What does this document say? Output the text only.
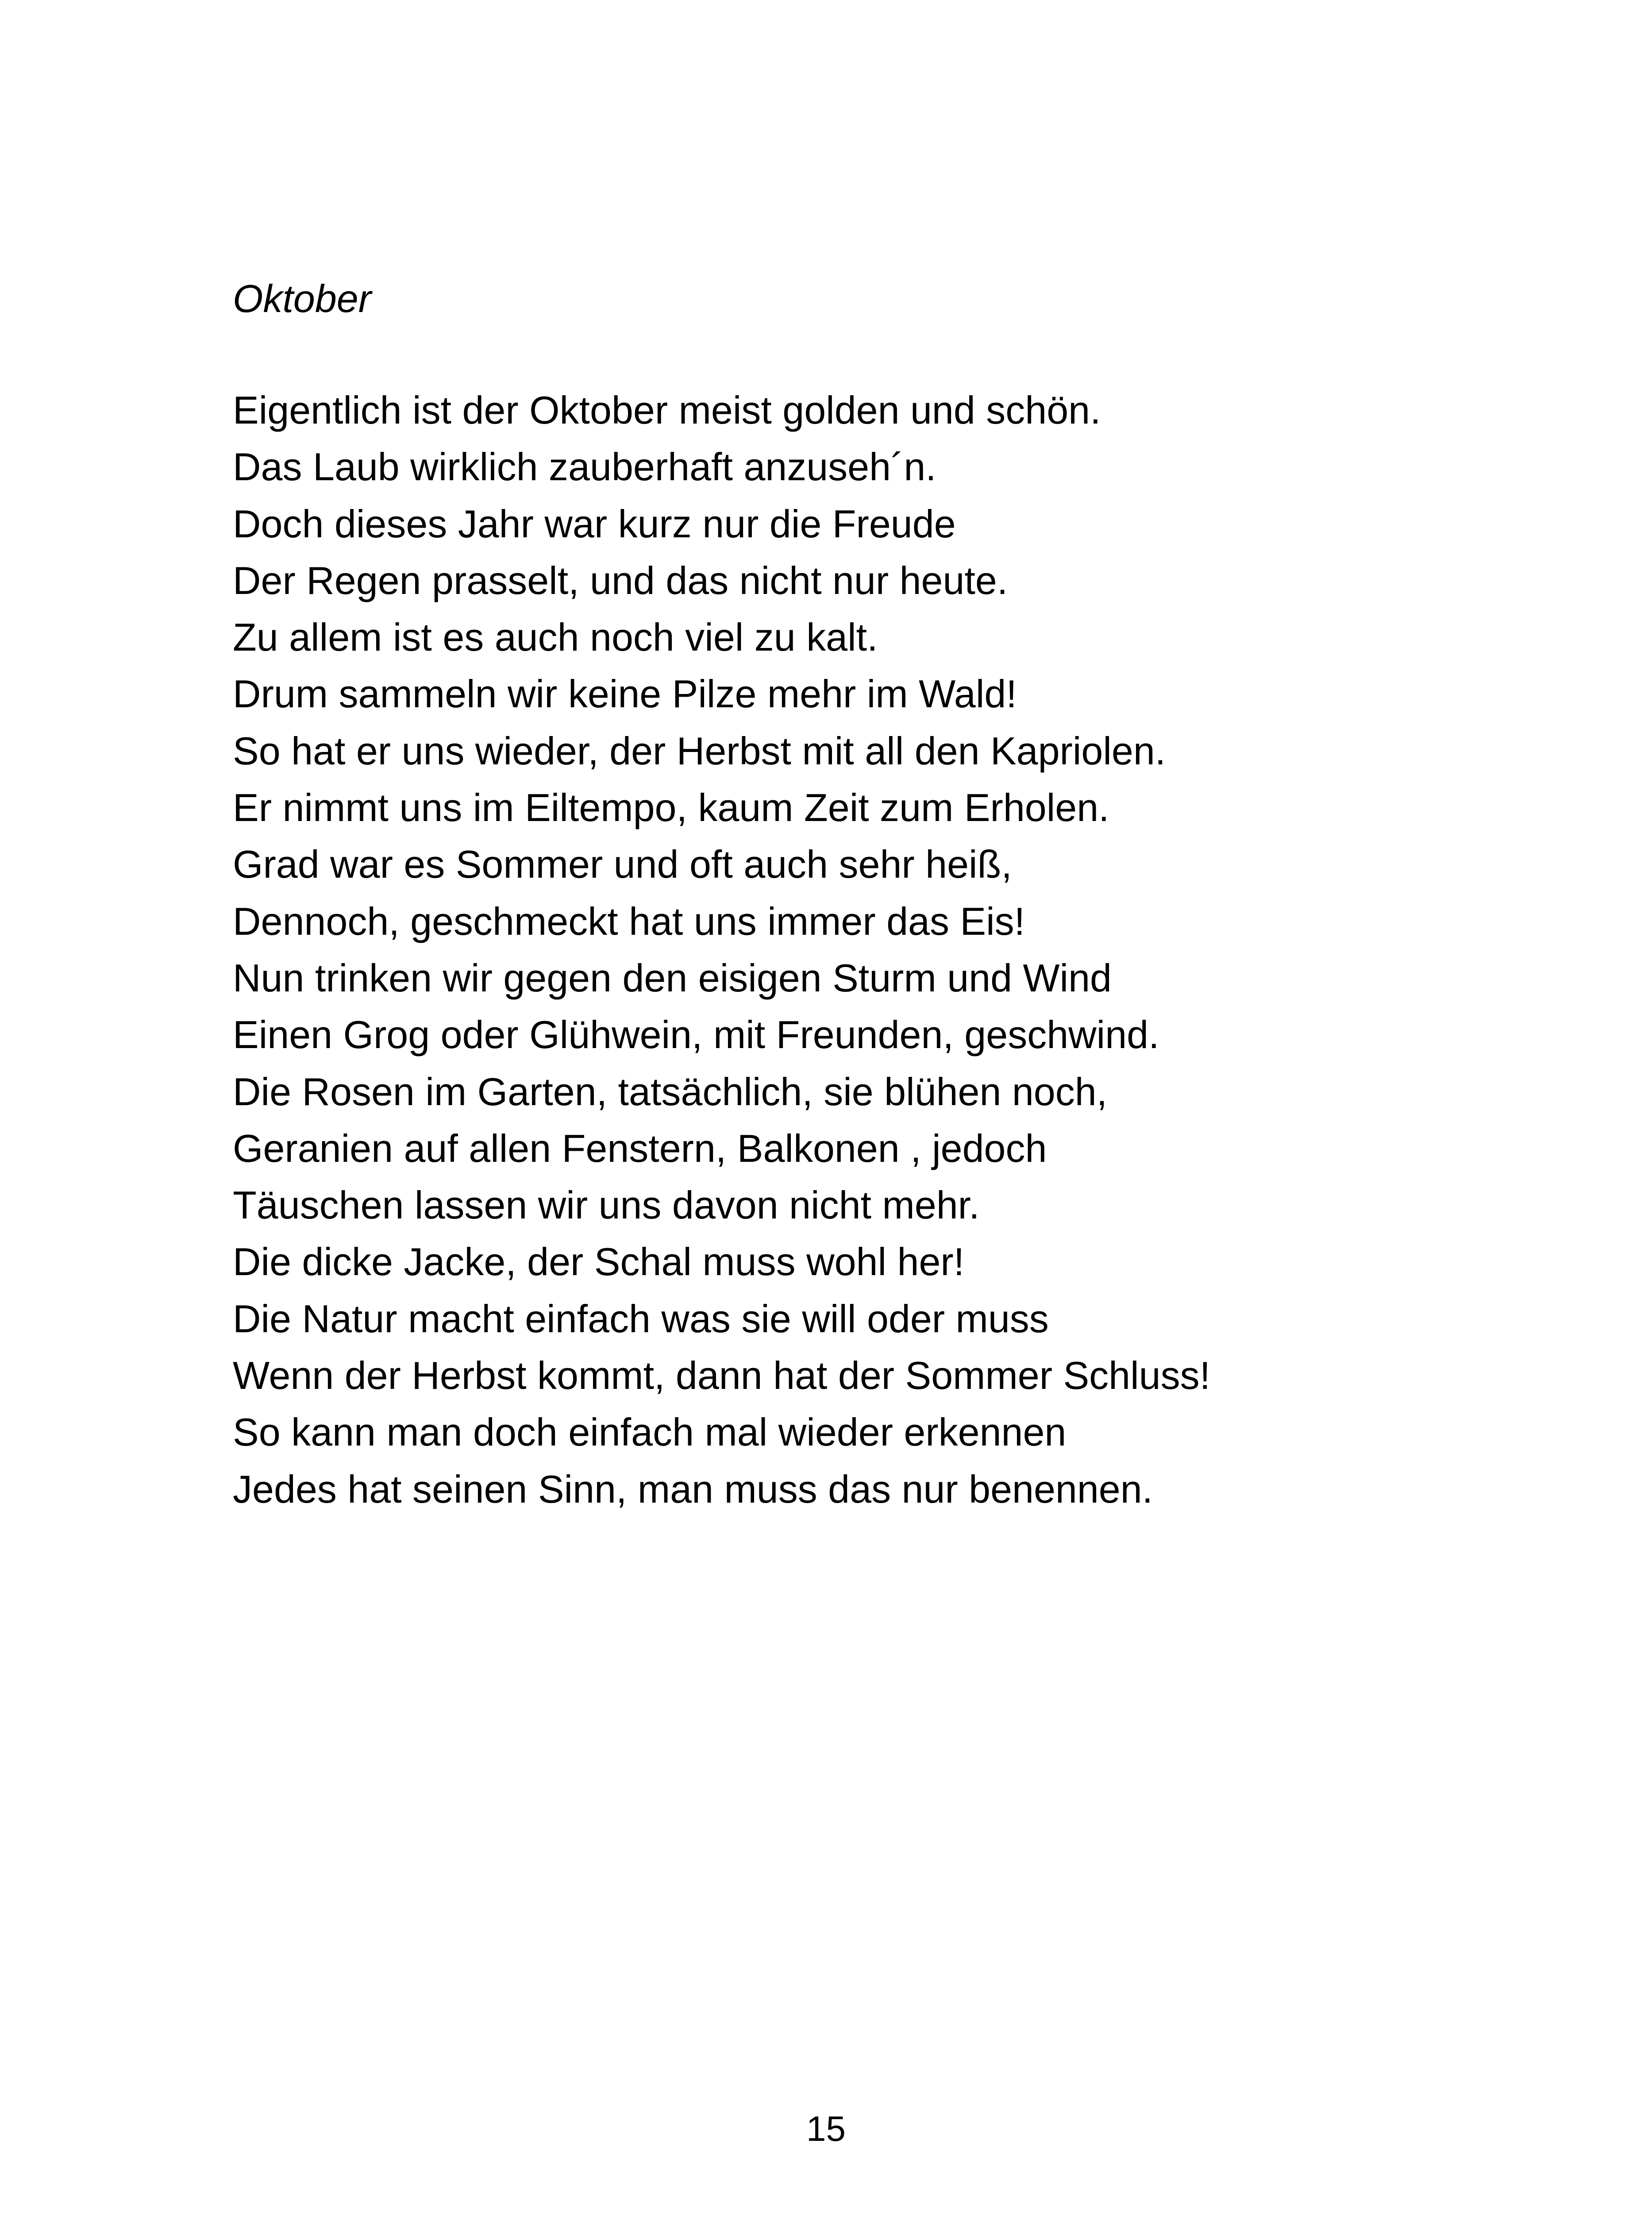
Oktober
Eigentlich ist der Oktober meist golden und schön.
Das Laub wirklich zauberhaft anzuseh´n.
Doch dieses Jahr war kurz nur die Freude
Der Regen prasselt, und das nicht nur heute.
Zu allem ist es auch noch viel zu kalt.
Drum sammeln wir keine Pilze mehr im Wald!
So hat er uns wieder, der Herbst mit all den Kapriolen.
Er nimmt uns im Eiltempo, kaum Zeit zum Erholen.
Grad war es Sommer und oft auch sehr heiß,
Dennoch, geschmeckt hat uns immer das Eis!
Nun trinken wir gegen den eisigen Sturm und Wind
Einen Grog oder Glühwein, mit Freunden, geschwind.
Die Rosen im Garten, tatsächlich, sie blühen noch,
Geranien auf allen Fenstern, Balkonen , jedoch
Täuschen lassen wir uns davon nicht mehr.
Die dicke Jacke, der Schal muss wohl her!
Die Natur macht einfach was sie will oder muss
Wenn der Herbst kommt, dann hat der Sommer Schluss!
So kann man doch einfach mal wieder erkennen
Jedes hat seinen Sinn, man muss das nur benennen.
15
